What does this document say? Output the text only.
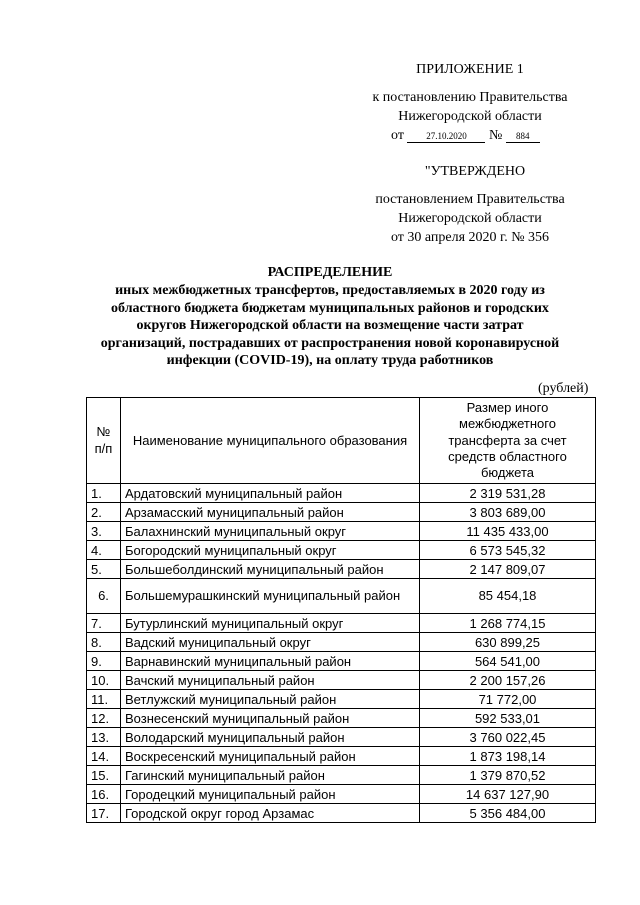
ПРИЛОЖЕНИЕ 1
к постановлению Правительства
Нижегородской области
от 27.10.2020 № 884
"УТВЕРЖДЕНО
постановлением Правительства
Нижегородской области
от 30 апреля 2020 г. № 356
РАСПРЕДЕЛЕНИЕ
иных межбюджетных трансфертов, предоставляемых в 2020 году из
областного бюджета бюджетам муниципальных районов и городских
округов Нижегородской области на возмещение части затрат
организаций, пострадавших от распространения новой коронавирусной
инфекции (COVID-19), на оплату труда работников
(рублей)
№ п/п	Наименование муниципального образования	Размер иного межбюджетного трансферта за счет средств областного бюджета
1.	Ардатовский муниципальный район	2 319 531,28
2.	Арзамасский муниципальный район	3 803 689,00
3.	Балахнинский муниципальный округ	11 435 433,00
4.	Богородский муниципальный округ	6 573 545,32
5.	Большеболдинский муниципальный район	2 147 809,07
6.	Большемурашкинский муниципальный район	85 454,18
7.	Бутурлинский муниципальный округ	1 268 774,15
8.	Вадский муниципальный округ	630 899,25
9.	Варнавинский муниципальный район	564 541,00
10.	Вачский муниципальный район	2 200 157,26
11.	Ветлужский муниципальный район	71 772,00
12.	Вознесенский муниципальный район	592 533,01
13.	Володарский муниципальный район	3 760 022,45
14.	Воскресенский муниципальный район	1 873 198,14
15.	Гагинский муниципальный район	1 379 870,52
16.	Городецкий муниципальный район	14 637 127,90
17.	Городской округ город Арзамас	5 356 484,00
